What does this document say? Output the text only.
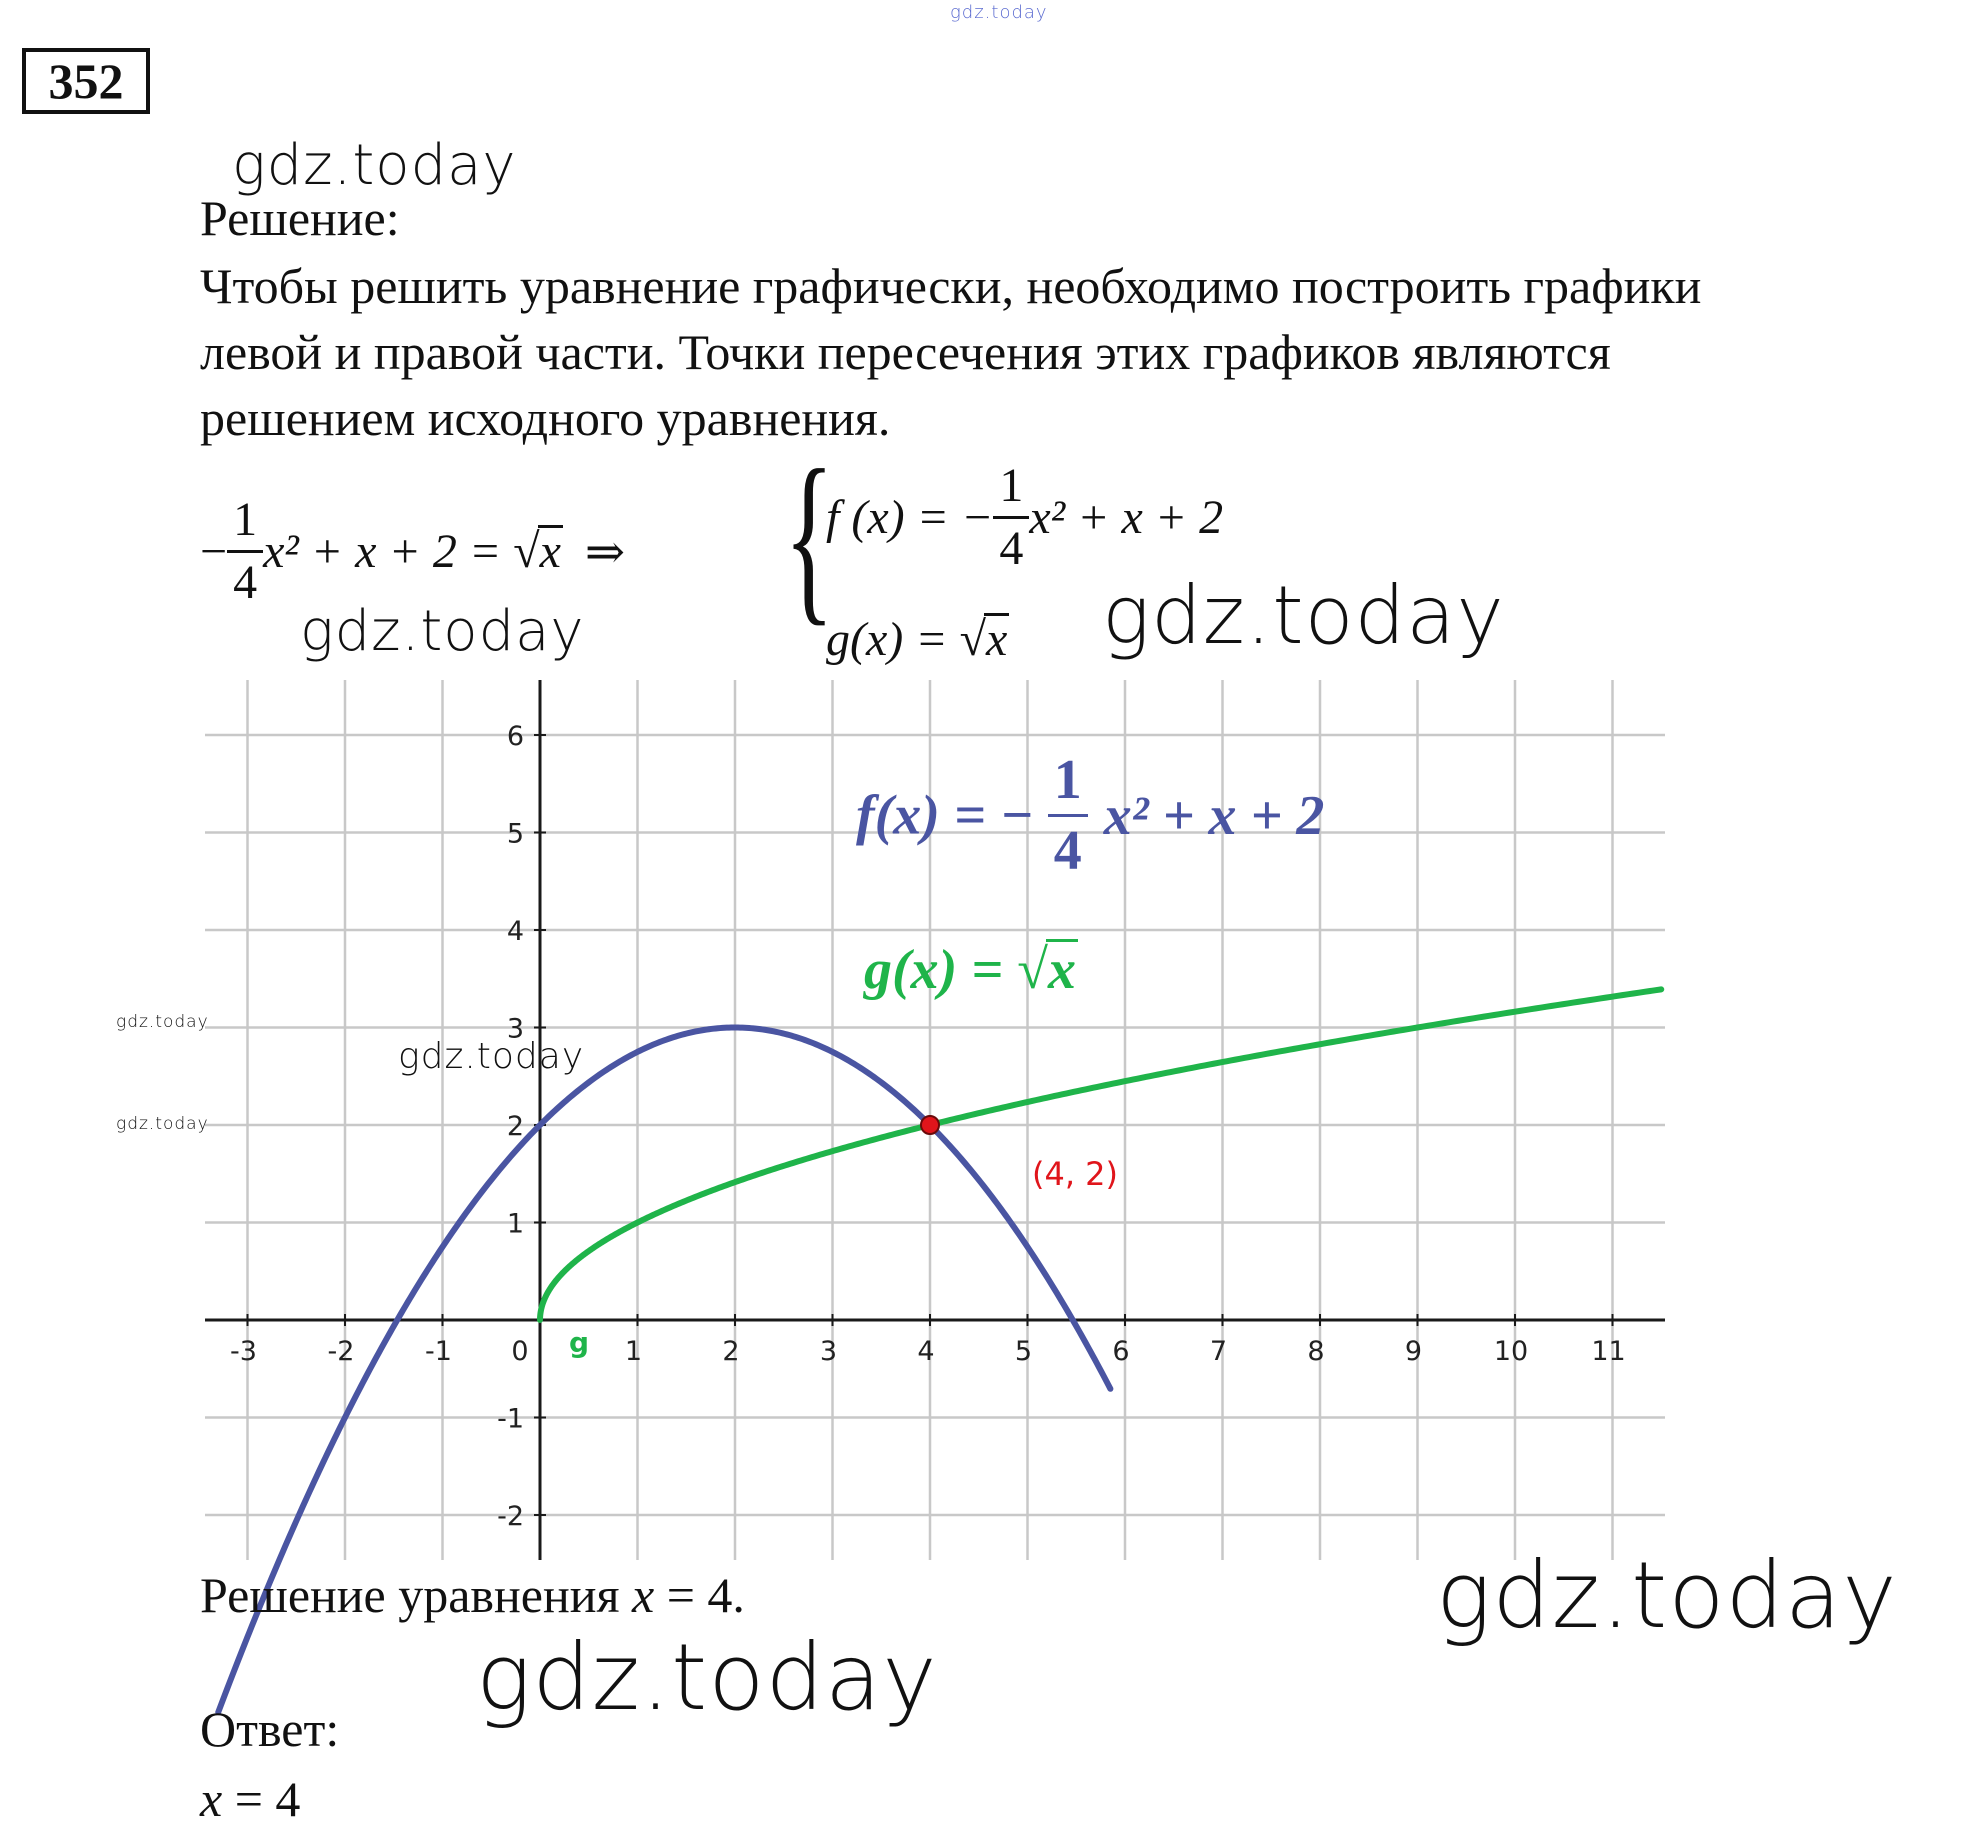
gdz.today
352
gdz.today
Решение:
Чтобы решить уравнение графически, необходимо построить графики
левой и правой части. Точки пересечения этих графиков являются
решением исходного уравнения.
− $\frac{1}{4} x^2 + x + 2 = √x$ ⇒ {
f (x) = − $\frac{1}{4} x^2 + x + 2$
g(x) = √x
gdz.today	gdz.today
-3	-2	-1 0	1	2	3	4	5	6	7	8	9	10 11
-2
-1
1
2
3
4
5
6
g
(4, 2)
f(x) = − $\frac{1}{4} x^2 + x + 2$
g(x) = √x
gdz.today
gdz.today
gdz.today
Решение уравнения x = 4.	gdz.today
gdz.today
Ответ:
x = 4
